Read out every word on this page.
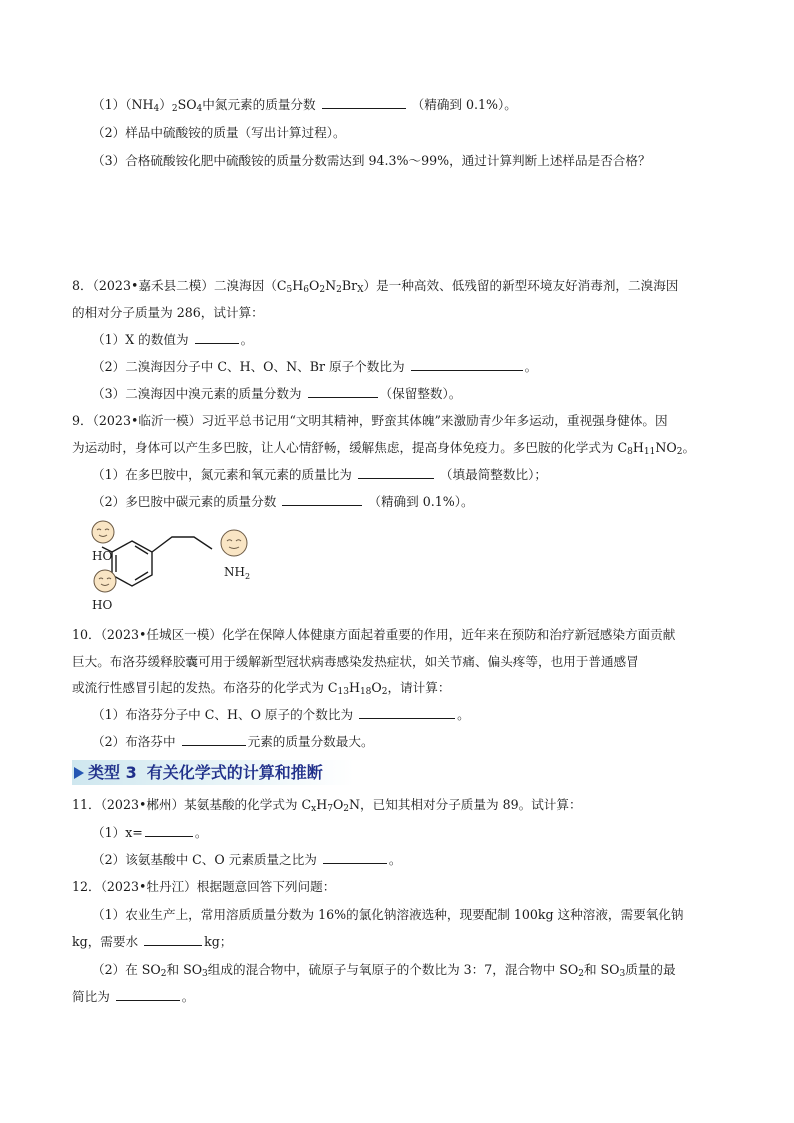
$(1)(NH_4)_2SO_4$中氮元素的质量分数	（精确到 0.1%）。
（2）样品中硫酸铵的质量（写出计算过程）。
（3）合格硫酸铵化肥中硫酸铵的质量分数需达到 94.3%～99%，通过计算判断上述样品是否合格？
8．（2023•嘉禾县二模）二溴海因$(C_5H_6O_2N_2Br_X)$是一种高效、低残留的新型环境友好消毒剂，二溴海因
的相对分子质量为 286，试计算：
（1）X 的数值为	。
（2）二溴海因分子中 C、H、O、N、Br 原子个数比为	。
（3）二溴海因中溴元素的质量分数为	（保留整数）。
9．（2023•临沂一模）习近平总书记用“文明其精神，野蛮其体魄”来激励青少年多运动，重视强身健体。因
为运动时，身体可以产生多巴胺，让人心情舒畅，缓解焦虑，提高身体免疫力。多巴胺的化学式为 $C_8H_{11}NO_2$。
（1）在多巴胺中，氮元素和氧元素的质量比为	（填最简整数比）；
（2）多巴胺中碳元素的质量分数	（精确到 0.1%）。
HO
HO
$NH_2$
10．（2023•任城区一模）化学在保障人体健康方面起着重要的作用，近年来在预防和治疗新冠感染方面贡献
巨大。布洛芬缓释胶囊可用于缓解新型冠状病毒感染发热症状，如关节痛、偏头疼等，也用于普通感冒
或流行性感冒引起的发热。布洛芬的化学式为 $C_{13}H_{18}O_2$，请计算：
（1）布洛芬分子中 C、H、O 原子的个数比为	。
（2）布洛芬中	元素的质量分数最大。
类型 3 有关化学式的计算和推断
11．（2023•郴州）某氨基酸的化学式为 $C_xH_7O_2N$，已知其相对分子质量为 89。试计算：
（1）x=	。
（2）该氨基酸中 C、O 元素质量之比为	。
12．（2023•牡丹江）根据题意回答下列问题：
（1）农业生产上，常用溶质质量分数为 16%的氯化钠溶液选种，现要配制 100kg 这种溶液，需要氧化钠
kg，需要水	kg；
（2）在 $SO_2$和 $SO_3$组成的混合物中，硫原子与氧原子的个数比为 3：7，混合物中 $SO_2$和 $SO_3$质量的最
简比为	。
